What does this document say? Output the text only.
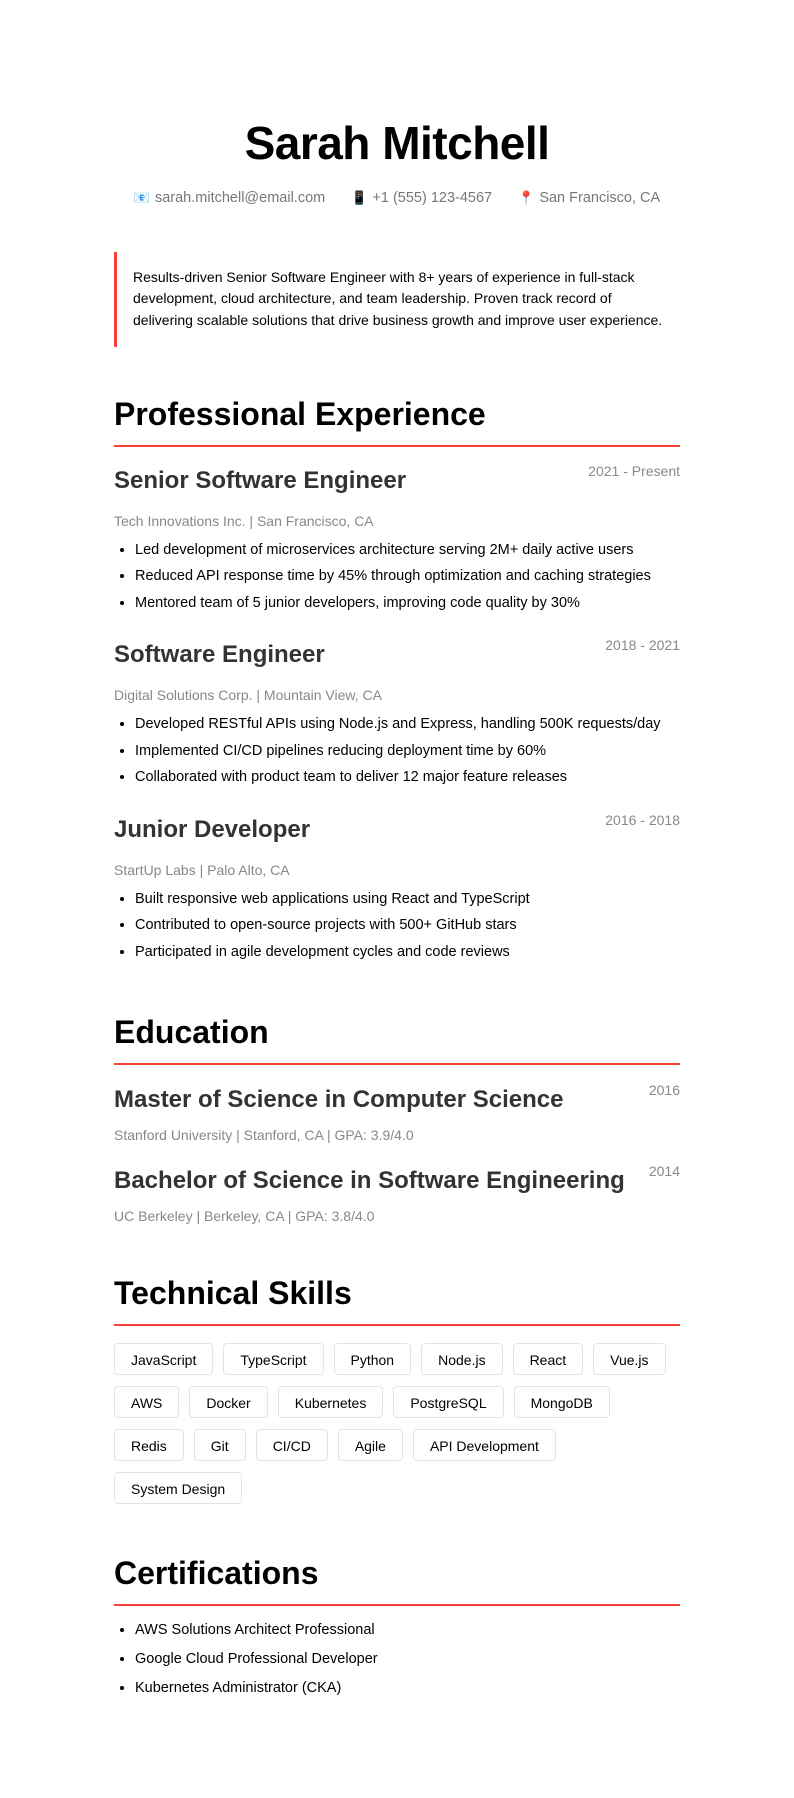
Sarah Mitchell
📧 sarah.mitchell@email.com 📱 +1 (555) 123-4567 📍 San Francisco, CA
Results-driven Senior Software Engineer with 8+ years of experience in full-stack development, cloud architecture, and team leadership. Proven track record of delivering scalable solutions that drive business growth and improve user experience.
Professional Experience
Senior Software Engineer	2021 - Present
Tech Innovations Inc. | San Francisco, CA
• Led development of microservices architecture serving 2M+ daily active users
• Reduced API response time by 45% through optimization and caching strategies
• Mentored team of 5 junior developers, improving code quality by 30%
Software Engineer	2018 - 2021
Digital Solutions Corp. | Mountain View, CA
• Developed RESTful APIs using Node.js and Express, handling 500K requests/day
• Implemented CI/CD pipelines reducing deployment time by 60%
• Collaborated with product team to deliver 12 major feature releases
Junior Developer	2016 - 2018
StartUp Labs | Palo Alto, CA
• Built responsive web applications using React and TypeScript
• Contributed to open-source projects with 500+ GitHub stars
• Participated in agile development cycles and code reviews
Education
Master of Science in Computer Science	2016
Stanford University | Stanford, CA | GPA: 3.9/4.0
Bachelor of Science in Software Engineering	2014
UC Berkeley | Berkeley, CA | GPA: 3.8/4.0
Technical Skills
JavaScript	TypeScript	Python	Node.js	React	Vue.js
AWS	Docker	Kubernetes	PostgreSQL	MongoDB
Redis	Git	CI/CD	Agile	API Development
System Design
Certifications
• AWS Solutions Architect Professional
• Google Cloud Professional Developer
• Kubernetes Administrator (CKA)
